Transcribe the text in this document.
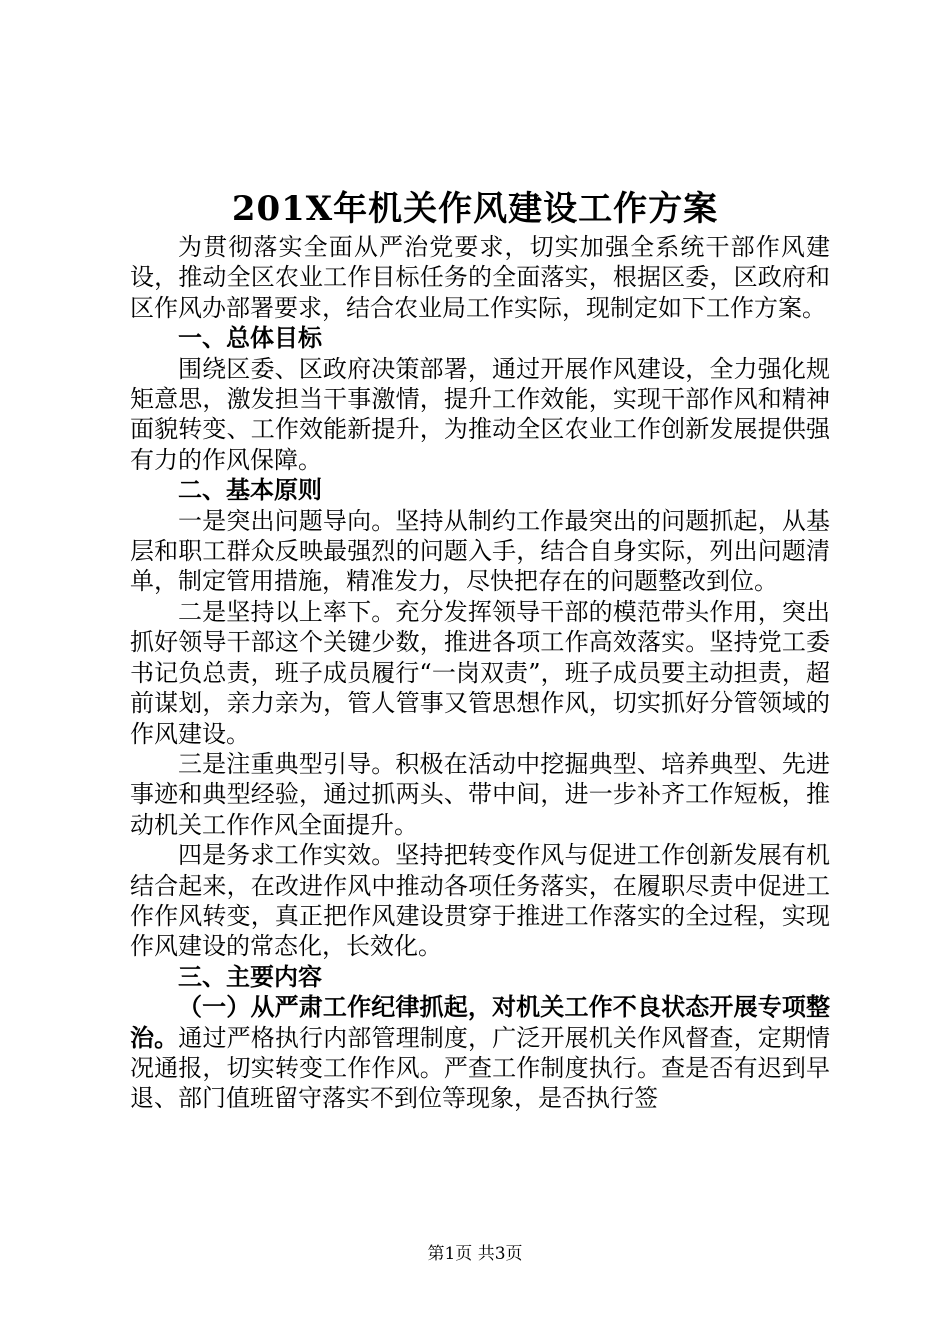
201X年机关作风建设工作方案

为贯彻落实全面从严治党要求，切实加强全系统干部作风建设，推动全区农业工作目标任务的全面落实，根据区委，区政府和区作风办部署要求，结合农业局工作实际，现制定如下工作方案。

一、总体目标

围绕区委、区政府决策部署，通过开展作风建设，全力强化规矩意思，激发担当干事激情，提升工作效能，实现干部作风和精神面貌转变、工作效能新提升，为推动全区农业工作创新发展提供强有力的作风保障。

二、基本原则

一是突出问题导向。坚持从制约工作最突出的问题抓起，从基层和职工群众反映最强烈的问题入手，结合自身实际，列出问题清单，制定管用措施，精准发力，尽快把存在的问题整改到位。

二是坚持以上率下。充分发挥领导干部的模范带头作用，突出抓好领导干部这个关键少数，推进各项工作高效落实。坚持党工委书记负总责，班子成员履行“一岗双责”，班子成员要主动担责，超前谋划，亲力亲为，管人管事又管思想作风，切实抓好分管领域的作风建设。

三是注重典型引导。积极在活动中挖掘典型、培养典型、先进事迹和典型经验，通过抓两头、带中间，进一步补齐工作短板，推动机关工作作风全面提升。

四是务求工作实效。坚持把转变作风与促进工作创新发展有机结合起来，在改进作风中推动各项任务落实，在履职尽责中促进工作作风转变，真正把作风建设贯穿于推进工作落实的全过程，实现作风建设的常态化，长效化。

三、主要内容

（一）从严肃工作纪律抓起，对机关工作不良状态开展专项整治。通过严格执行内部管理制度，广泛开展机关作风督查，定期情况通报，切实转变工作作风。严查工作制度执行。查是否有迟到早退、部门值班留守落实不到位等现象，是否执行签

第1页 共3页
